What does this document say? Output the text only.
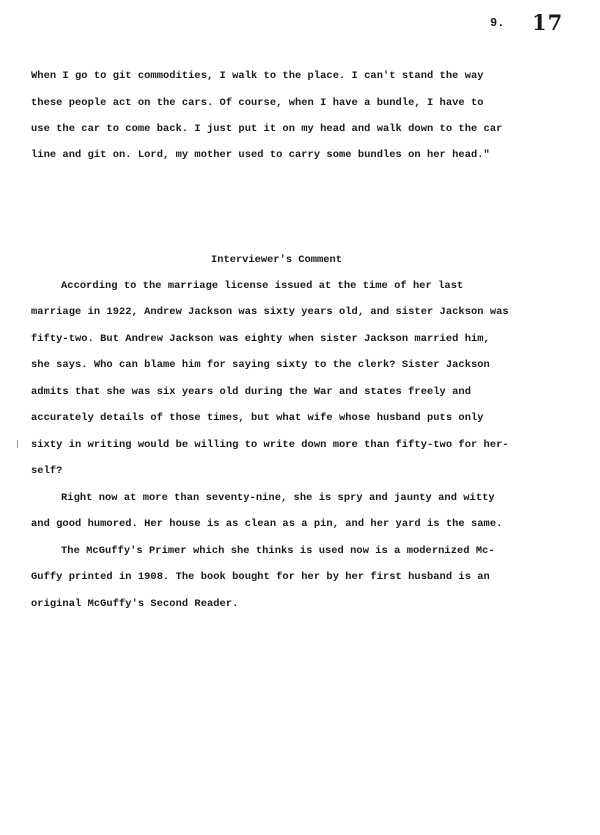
9. 17
When I go to git commodities, I walk to the place. I can't stand the way
these people act on the cars. Of course, when I have a bundle, I have to
use the car to come back. I just put it on my head and walk down to the car
line and git on. Lord, my mother used to carry some bundles on her head."
Interviewer's Comment
According to the marriage license issued at the time of her last
marriage in 1922, Andrew Jackson was sixty years old, and sister Jackson was
fifty-two. But Andrew Jackson was eighty when sister Jackson married him,
she says. Who can blame him for saying sixty to the clerk? Sister Jackson
admits that she was six years old during the War and states freely and
accurately details of those times, but what wife whose husband puts only
sixty in writing would be willing to write down more than fifty-two for her-
self?
Right now at more than seventy-nine, she is spry and jaunty and witty
and good humored. Her house is as clean as a pin, and her yard is the same.
The McGuffy's Primer which she thinks is used now is a modernized Mc-
Guffy printed in 1908. The book bought for her by her first husband is an
original McGuffy's Second Reader.
